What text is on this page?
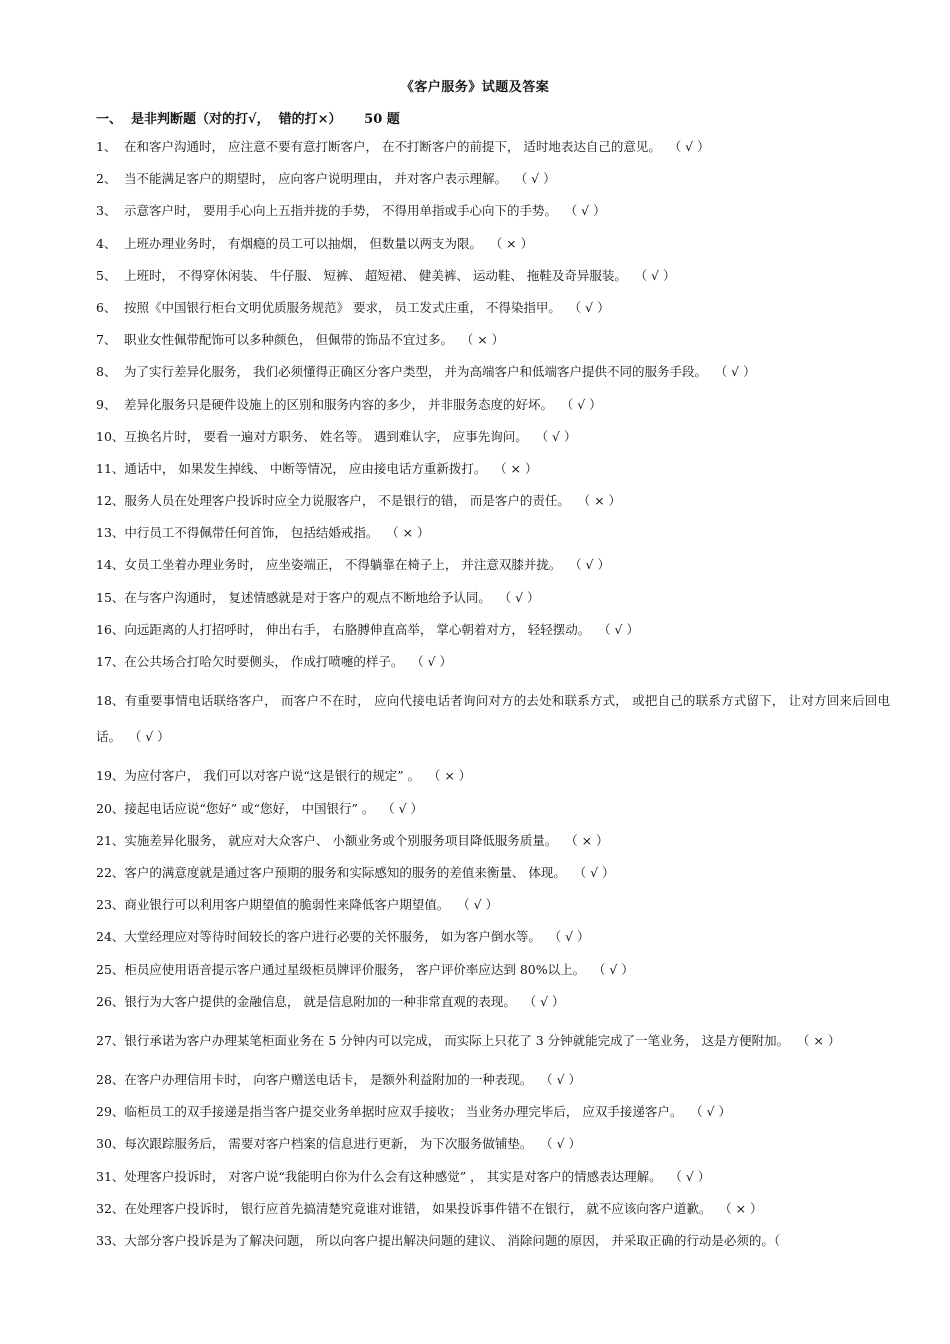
《客户服务》试题及答案
一、  是非判断题（对的打√，  错的打×）     50 题
1、 在和客户沟通时， 应注意不要有意打断客户， 在不打断客户的前提下， 适时地表达自己的意见。 （ √ ）
2、 当不能满足客户的期望时， 应向客户说明理由， 并对客户表示理解。 （ √ ）
3、 示意客户时， 要用手心向上五指并拢的手势， 不得用单指或手心向下的手势。 （ √ ）
4、 上班办理业务时， 有烟瘾的员工可以抽烟， 但数量以两支为限。 （ × ）
5、 上班时， 不得穿休闲装、 牛仔服、 短裤、 超短裙、 健美裤、 运动鞋、 拖鞋及奇异服装。 （ √ ）
6、 按照《中国银行柜台文明优质服务规范》 要求， 员工发式庄重， 不得染指甲。 （ √ ）
7、 职业女性佩带配饰可以多种颜色， 但佩带的饰品不宜过多。 （ × ）
8、 为了实行差异化服务， 我们必须懂得正确区分客户类型， 并为高端客户和低端客户提供不同的服务手段。 （ √ ）
9、 差异化服务只是硬件设施上的区别和服务内容的多少， 并非服务态度的好坏。 （ √ ）
10、互换名片时， 要看一遍对方职务、 姓名等。 遇到难认字， 应事先询问。 （ √ ）
11、通话中， 如果发生掉线、 中断等情况， 应由接电话方重新拨打。 （ × ）
12、服务人员在处理客户投诉时应全力说服客户， 不是银行的错， 而是客户的责任。 （ × ）
13、中行员工不得佩带任何首饰， 包括结婚戒指。 （ × ）
14、女员工坐着办理业务时， 应坐姿端正， 不得躺靠在椅子上， 并注意双膝并拢。 （ √ ）
15、在与客户沟通时， 复述情感就是对于客户的观点不断地给予认同。 （ √ ）
16、向远距离的人打招呼时， 伸出右手， 右胳膊伸直高举， 掌心朝着对方， 轻轻摆动。 （ √ ）
17、在公共场合打哈欠时要侧头， 作成打喷嚏的样子。 （ √ ）
18、有重要事情电话联络客户， 而客户不在时， 应向代接电话者询问对方的去处和联系方式， 或把自己的联系方式留下， 让对方回来后回电话。 （ √ ）
19、为应付客户， 我们可以对客户说“这是银行的规定” 。 （ × ）
20、接起电话应说“您好” 或“您好， 中国银行” 。 （ √ ）
21、实施差异化服务， 就应对大众客户、 小额业务或个别服务项目降低服务质量。 （ × ）
22、客户的满意度就是通过客户预期的服务和实际感知的服务的差值来衡量、 体现。 （ √ ）
23、商业银行可以利用客户期望值的脆弱性来降低客户期望值。 （ √ ）
24、大堂经理应对等待时间较长的客户进行必要的关怀服务， 如为客户倒水等。 （ √ ）
25、柜员应使用语音提示客户通过星级柜员牌评价服务， 客户评价率应达到 80%以上。 （ √ ）
26、银行为大客户提供的金融信息， 就是信息附加的一种非常直观的表现。 （ √ ）
27、银行承诺为客户办理某笔柜面业务在 5 分钟内可以完成， 而实际上只花了 3 分钟就能完成了一笔业务， 这是方便附加。 （ × ）
28、在客户办理信用卡时， 向客户赠送电话卡， 是额外利益附加的一种表现。 （ √ ）
29、临柜员工的双手接递是指当客户提交业务单据时应双手接收； 当业务办理完毕后， 应双手接递客户。 （ √ ）
30、每次跟踪服务后， 需要对客户档案的信息进行更新， 为下次服务做铺垫。 （ √ ）
31、处理客户投诉时， 对客户说“我能明白你为什么会有这种感觉” ， 其实是对客户的情感表达理解。 （ √ ）
32、在处理客户投诉时， 银行应首先搞清楚究竟谁对谁错， 如果投诉事件错不在银行， 就不应该向客户道歉。 （ × ）
33、大部分客户投诉是为了解决问题， 所以向客户提出解决问题的建议、 消除问题的原因， 并采取正确的行动是必须的。（
